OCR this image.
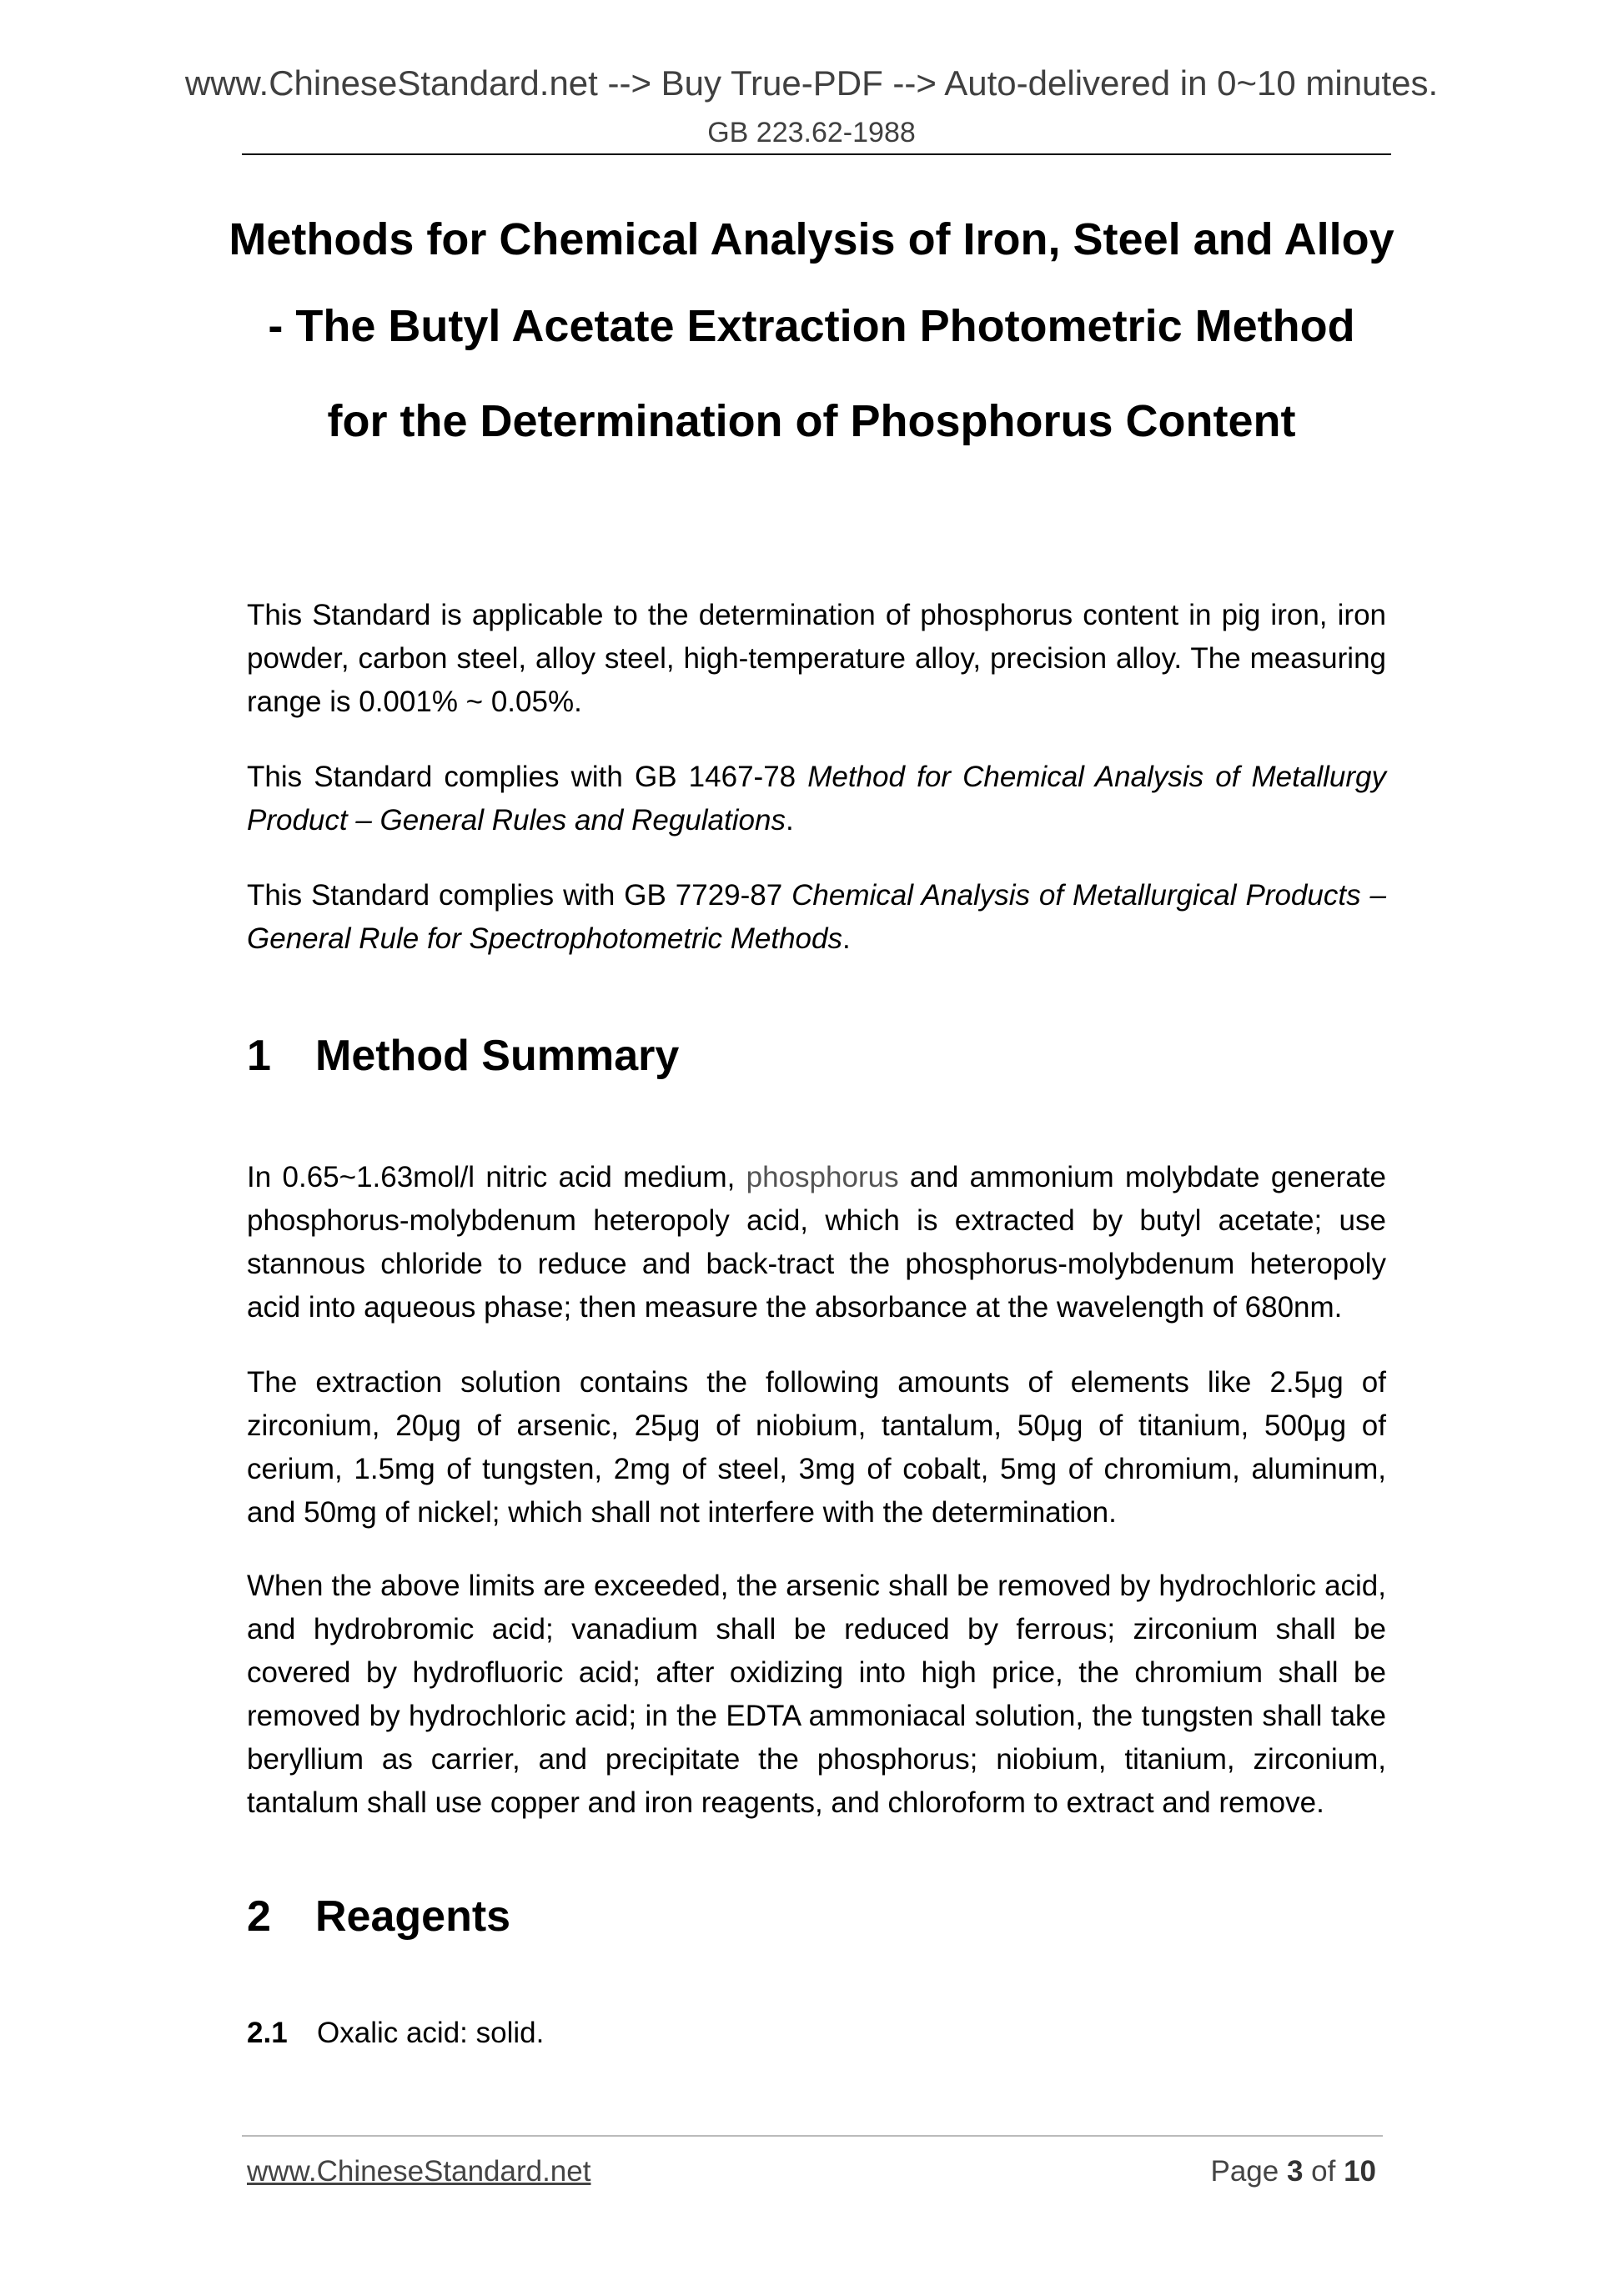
www.ChineseStandard.net --> Buy True-PDF --> Auto-delivered in 0~10 minutes.
GB 223.62-1988
Methods for Chemical Analysis of Iron, Steel and Alloy
- The Butyl Acetate Extraction Photometric Method
for the Determination of Phosphorus Content

This Standard is applicable to the determination of phosphorus content in pig iron, iron powder, carbon steel, alloy steel, high-temperature alloy, precision alloy. The measuring range is 0.001% ~ 0.05%.

This Standard complies with GB 1467-78 Method for Chemical Analysis of Metallurgy Product – General Rules and Regulations.

This Standard complies with GB 7729-87 Chemical Analysis of Metallurgical Products – General Rule for Spectrophotometric Methods.

1 Method Summary

In 0.65~1.63mol/l nitric acid medium, phosphorus and ammonium molybdate generate phosphorus-molybdenum heteropoly acid, which is extracted by butyl acetate; use stannous chloride to reduce and back-tract the phosphorus-molybdenum heteropoly acid into aqueous phase; then measure the absorbance at the wavelength of 680nm.

The extraction solution contains the following amounts of elements like 2.5μg of zirconium, 20μg of arsenic, 25μg of niobium, tantalum, 50μg of titanium, 500μg of cerium, 1.5mg of tungsten, 2mg of steel, 3mg of cobalt, 5mg of chromium, aluminum, and 50mg of nickel; which shall not interfere with the determination.

When the above limits are exceeded, the arsenic shall be removed by hydrochloric acid, and hydrobromic acid; vanadium shall be reduced by ferrous; zirconium shall be covered by hydrofluoric acid; after oxidizing into high price, the chromium shall be removed by hydrochloric acid; in the EDTA ammoniacal solution, the tungsten shall take beryllium as carrier, and precipitate the phosphorus; niobium, titanium, zirconium, tantalum shall use copper and iron reagents, and chloroform to extract and remove.

2 Reagents
2.1 Oxalic acid: solid.
www.ChineseStandard.net	Page 3 of 10
